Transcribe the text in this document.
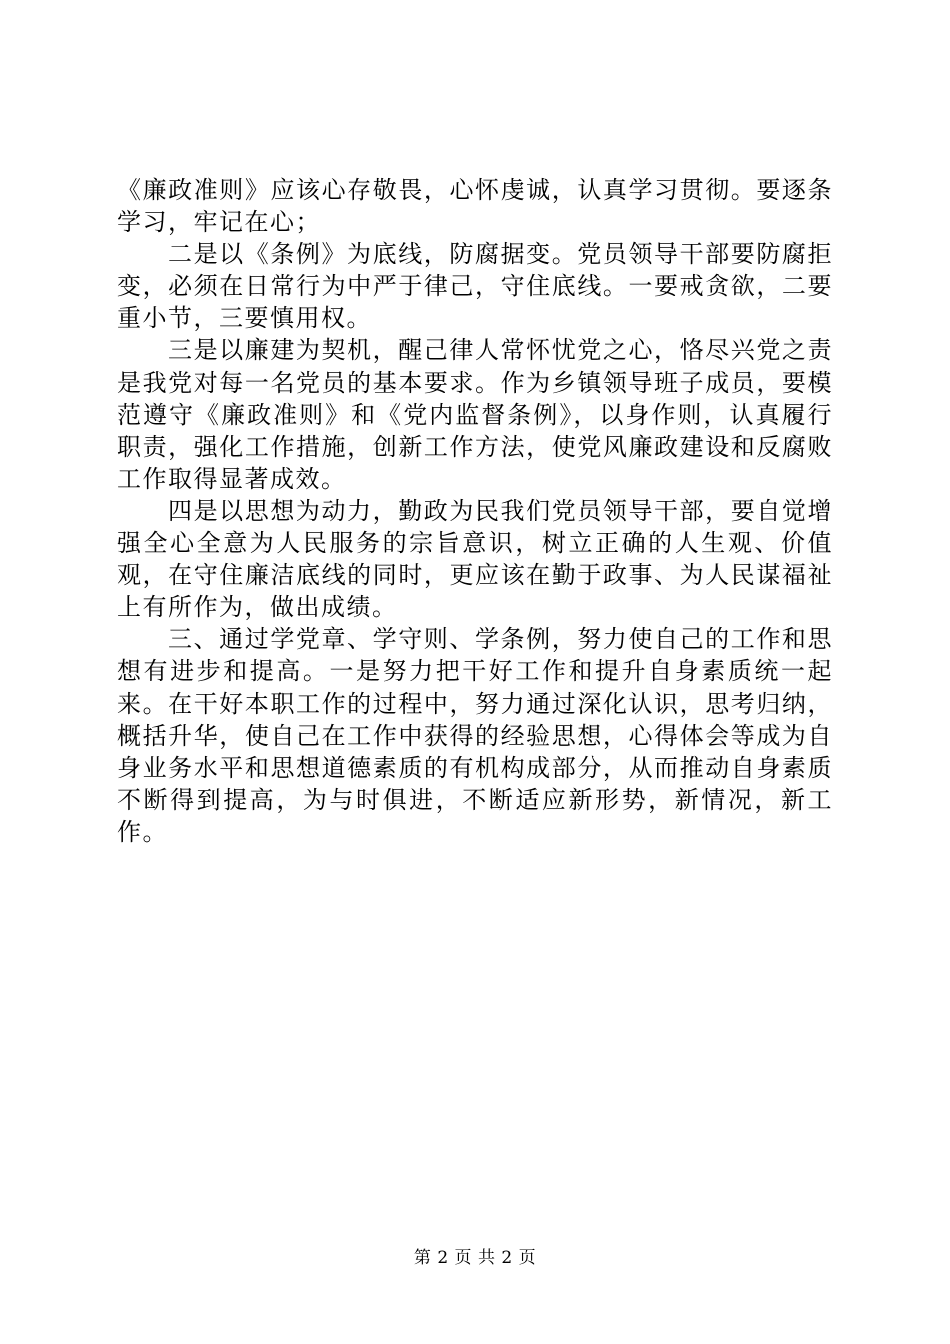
《廉政准则》应该心存敬畏，心怀虔诚，认真学习贯彻。要逐条学习，牢记在心；

二是以《条例》为底线，防腐据变。党员领导干部要防腐拒变，必须在日常行为中严于律己，守住底线。一要戒贪欲，二要重小节，三要慎用权。

三是以廉建为契机，醒己律人常怀忧党之心，恪尽兴党之责是我党对每一名党员的基本要求。作为乡镇领导班子成员，要模范遵守《廉政准则》和《党内监督条例》，以身作则，认真履行职责，强化工作措施，创新工作方法，使党风廉政建设和反腐败工作取得显著成效。

四是以思想为动力，勤政为民我们党员领导干部，要自觉增强全心全意为人民服务的宗旨意识，树立正确的人生观、价值观，在守住廉洁底线的同时，更应该在勤于政事、为人民谋福祉上有所作为，做出成绩。

三、通过学党章、学守则、学条例，努力使自己的工作和思想有进步和提高。一是努力把干好工作和提升自身素质统一起来。在干好本职工作的过程中，努力通过深化认识，思考归纳，概括升华，使自己在工作中获得的经验思想，心得体会等成为自身业务水平和思想道德素质的有机构成部分，从而推动自身素质不断得到提高，为与时俱进，不断适应新形势，新情况，新工作。

第 2 页 共 2 页
